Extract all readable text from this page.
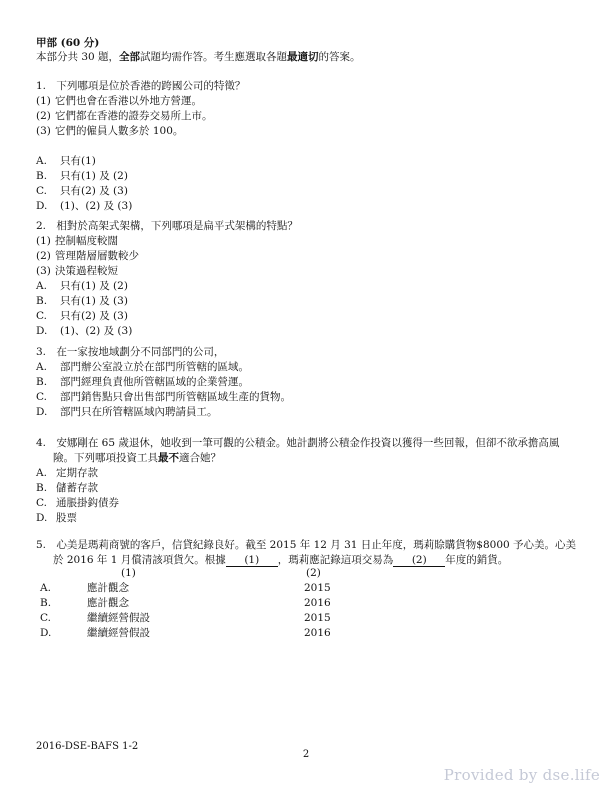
甲部 (60 分)
本部分共 30 題，全部試題均需作答。考生應選取各題最適切的答案。
1. 下列哪項是位於香港的跨國公司的特徵？
(1) 它們也會在香港以外地方營運。
(2) 它們都在香港的證券交易所上市。
(3) 它們的僱員人數多於 100。
A. 只有(1)
B. 只有(1) 及 (2)
C. 只有(2) 及 (3)
D. (1)、(2) 及 (3)
2. 相對於高架式架構，下列哪項是扁平式架構的特點？
(1) 控制幅度較闊
(2) 管理階層層數較少
(3) 決策過程較短
A. 只有(1) 及 (2)
B. 只有(1) 及 (3)
C. 只有(2) 及 (3)
D. (1)、(2) 及 (3)
3. 在一家按地域劃分不同部門的公司，
A. 部門辦公室設立於在部門所管轄的區域。
B. 部門經理負責他所管轄區域的企業營運。
C. 部門銷售點只會出售部門所管轄區域生產的貨物。
D. 部門只在所管轄區域內聘請員工。
4. 安娜剛在 65 歲退休，她收到一筆可觀的公積金。她計劃將公積金作投資以獲得一些回報，但卻不欲承擔高風
險。下列哪項投資工具最不適合她？
A. 定期存款
B. 儲蓄存款
C. 通脹掛鈎債券
D. 股票
5. 心美是瑪莉商號的客戶，信貸紀錄良好。截至 2015 年 12 月 31 日止年度，瑪莉賒購貨物$8000 予心美。心美
於 2016 年 1 月償清該項貨欠。根據 (1) ，瑪莉應記錄這項交易為 (2) 年度的銷貨。
	(1)	(2)
A.	應計觀念	2015
B.	應計觀念	2016
C.	繼續經營假設	2015
D.	繼續經營假設	2016
2016-DSE-BAFS 1-2
2
Provided by dse.life
